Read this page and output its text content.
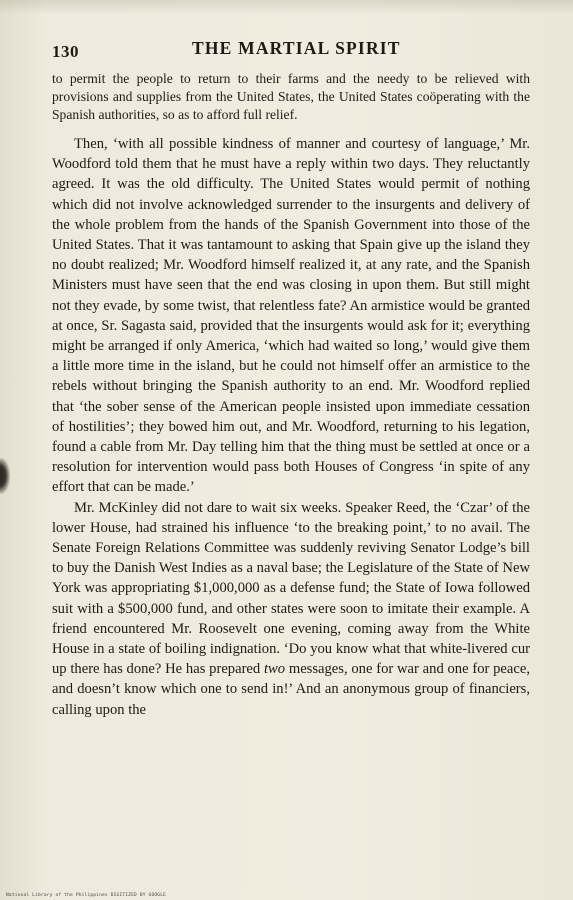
130	THE MARTIAL SPIRIT

to permit the people to return to their farms and the needy to be relieved with provisions and supplies from the United States, the United States coöperating with the Spanish authorities, so as to afford full relief.

Then, ‘with all possible kindness of manner and courtesy of language,’ Mr. Woodford told them that he must have a reply within two days. They reluctantly agreed. It was the old difficulty. The United States would permit of nothing which did not involve acknowledged surrender to the insurgents and delivery of the whole problem from the hands of the Spanish Government into those of the United States. That it was tantamount to asking that Spain give up the island they no doubt realized; Mr. Woodford himself realized it, at any rate, and the Spanish Ministers must have seen that the end was closing in upon them. But still might not they evade, by some twist, that relentless fate? An armistice would be granted at once, Sr. Sagasta said, provided that the insurgents would ask for it; everything might be arranged if only America, ‘which had waited so long,’ would give them a little more time in the island, but he could not himself offer an armistice to the rebels without bringing the Spanish authority to an end. Mr. Woodford replied that ‘the sober sense of the American people insisted upon immediate cessation of hostilities’; they bowed him out, and Mr. Woodford, returning to his legation, found a cable from Mr. Day telling him that the thing must be settled at once or a resolution for intervention would pass both Houses of Congress ‘in spite of any effort that can be made.’

Mr. McKinley did not dare to wait six weeks. Speaker Reed, the ‘Czar’ of the lower House, had strained his influence ‘to the breaking point,’ to no avail. The Senate Foreign Relations Committee was suddenly reviving Senator Lodge’s bill to buy the Danish West Indies as a naval base; the Legislature of the State of New York was appropriating $1,000,000 as a defense fund; the State of Iowa followed suit with a $500,000 fund, and other states were soon to imitate their example. A friend encountered Mr. Roosevelt one evening, coming away from the White House in a state of boiling indignation. ‘Do you know what that white-livered cur up there has done? He has prepared two messages, one for war and one for peace, and doesn’t know which one to send in!’ And an anonymous group of financiers, calling upon the

National Library of the Philippines DIGITIZED BY GOOGLE
